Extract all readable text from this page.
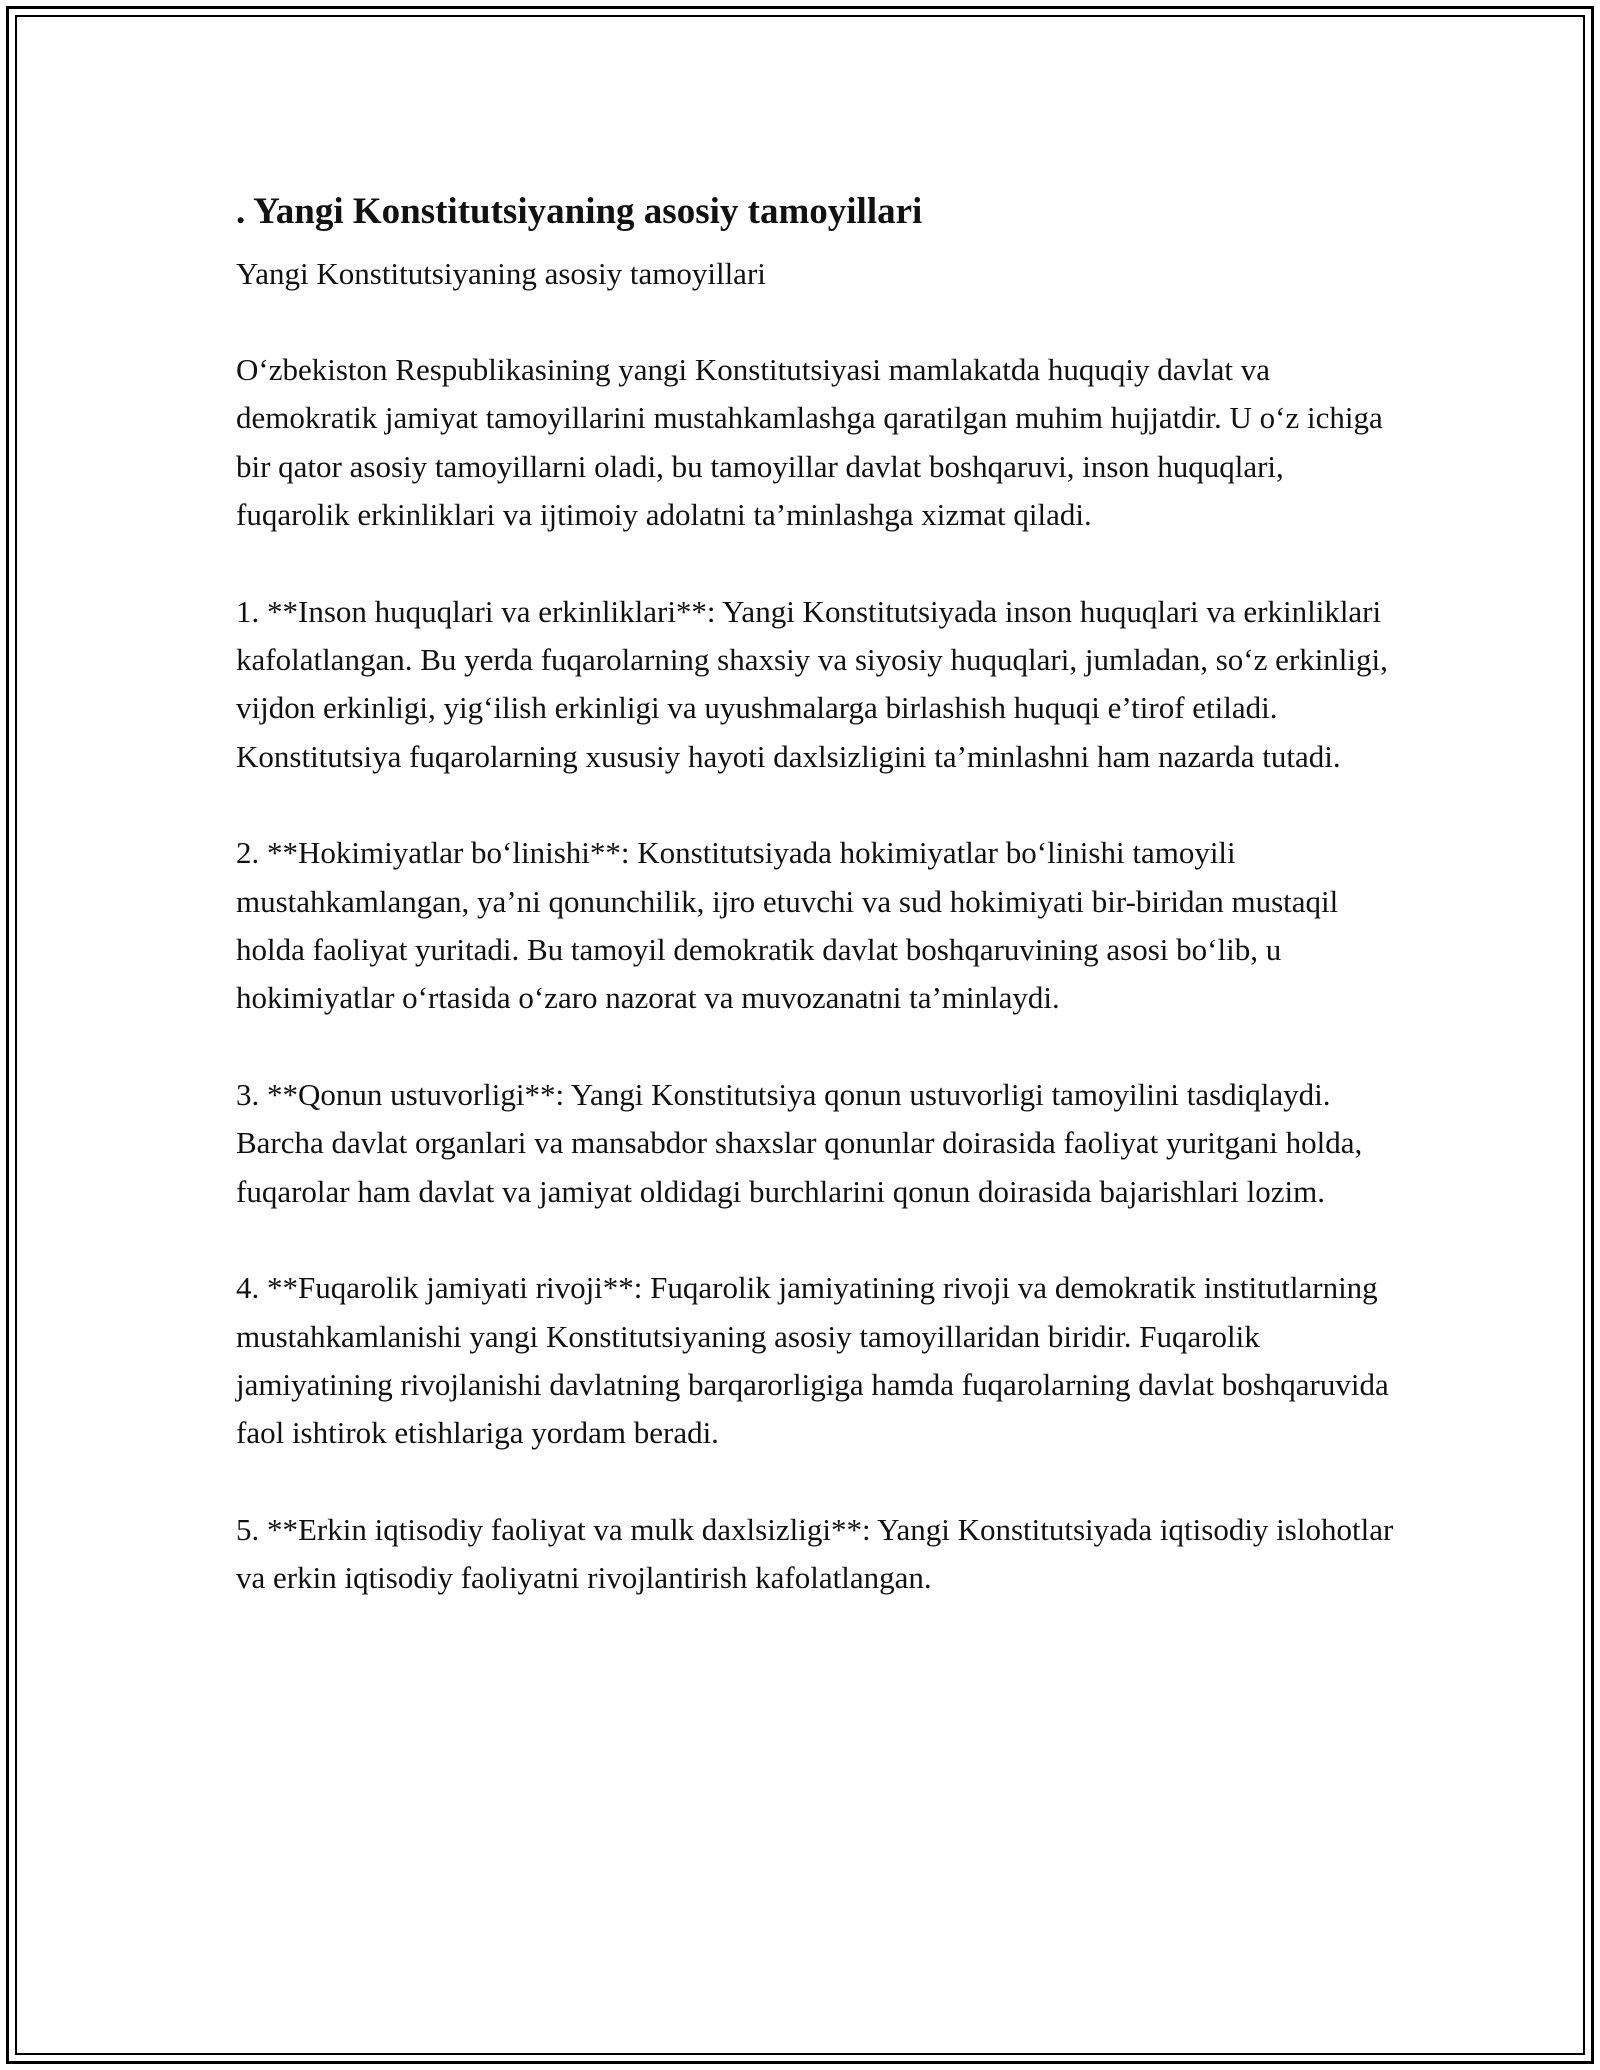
. Yangi Konstitutsiyaning asosiy tamoyillari

Yangi Konstitutsiyaning asosiy tamoyillari

O‘zbekiston Respublikasining yangi Konstitutsiyasi mamlakatda huquqiy davlat va demokratik jamiyat tamoyillarini mustahkamlashga qaratilgan muhim hujjatdir. U o‘z ichiga bir qator asosiy tamoyillarni oladi, bu tamoyillar davlat boshqaruvi, inson huquqlari, fuqarolik erkinliklari va ijtimoiy adolatni ta’minlashga xizmat qiladi.

1. **Inson huquqlari va erkinliklari**: Yangi Konstitutsiyada inson huquqlari va erkinliklari kafolatlangan. Bu yerda fuqarolarning shaxsiy va siyosiy huquqlari, jumladan, so‘z erkinligi, vijdon erkinligi, yig‘ilish erkinligi va uyushmalarga birlashish huquqi e’tirof etiladi. Konstitutsiya fuqarolarning xususiy hayoti daxlsizligini ta’minlashni ham nazarda tutadi.

2. **Hokimiyatlar bo‘linishi**: Konstitutsiyada hokimiyatlar bo‘linishi tamoyili mustahkamlangan, ya’ni qonunchilik, ijro etuvchi va sud hokimiyati bir-biridan mustaqil holda faoliyat yuritadi. Bu tamoyil demokratik davlat boshqaruvining asosi bo‘lib, u hokimiyatlar o‘rtasida o‘zaro nazorat va muvozanatni ta’minlaydi.

3. **Qonun ustuvorligi**: Yangi Konstitutsiya qonun ustuvorligi tamoyilini tasdiqlaydi. Barcha davlat organlari va mansabdor shaxslar qonunlar doirasida faoliyat yuritgani holda, fuqarolar ham davlat va jamiyat oldidagi burchlarini qonun doirasida bajarishlari lozim.

4. **Fuqarolik jamiyati rivoji**: Fuqarolik jamiyatining rivoji va demokratik institutlarning mustahkamlanishi yangi Konstitutsiyaning asosiy tamoyillaridan biridir. Fuqarolik jamiyatining rivojlanishi davlatning barqarorligiga hamda fuqarolarning davlat boshqaruvida faol ishtirok etishlariga yordam beradi.

5. **Erkin iqtisodiy faoliyat va mulk daxlsizligi**: Yangi Konstitutsiyada iqtisodiy islohotlar va erkin iqtisodiy faoliyatni rivojlantirish kafolatlangan.
